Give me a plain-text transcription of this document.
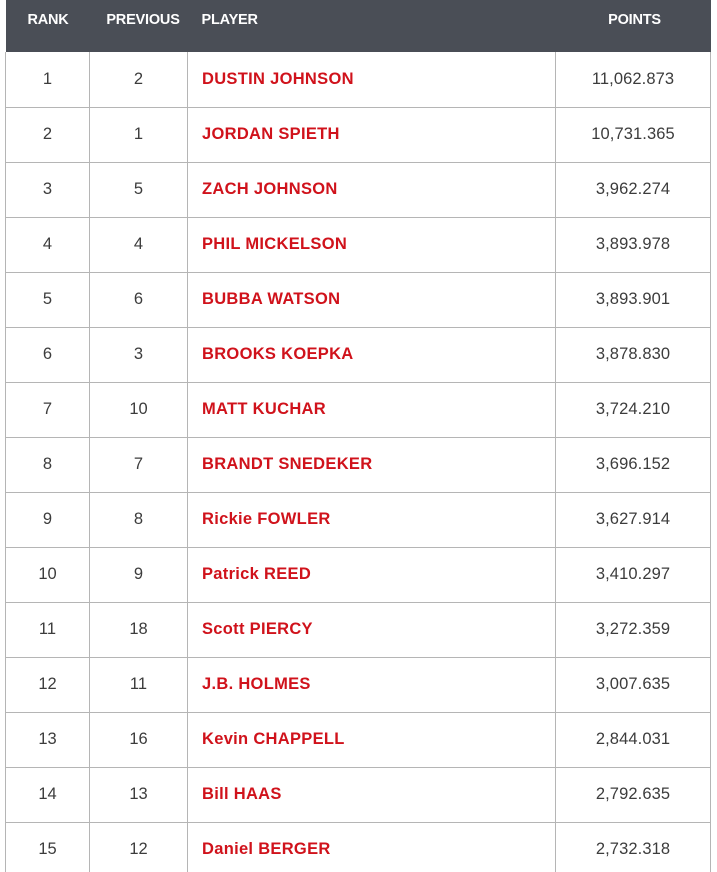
RANK	PREVIOUS	PLAYER	POINTS
1	2	DUSTIN JOHNSON	11,062.873
2	1	JORDAN SPIETH	10,731.365
3	5	ZACH JOHNSON	3,962.274
4	4	PHIL MICKELSON	3,893.978
5	6	BUBBA WATSON	3,893.901
6	3	BROOKS KOEPKA	3,878.830
7	10	MATT KUCHAR	3,724.210
8	7	BRANDT SNEDEKER	3,696.152
9	8	Rickie FOWLER	3,627.914
10	9	Patrick REED	3,410.297
11	18	Scott PIERCY	3,272.359
12	11	J.B. HOLMES	3,007.635
13	16	Kevin CHAPPELL	2,844.031
14	13	Bill HAAS	2,792.635
15	12	Daniel BERGER	2,732.318
